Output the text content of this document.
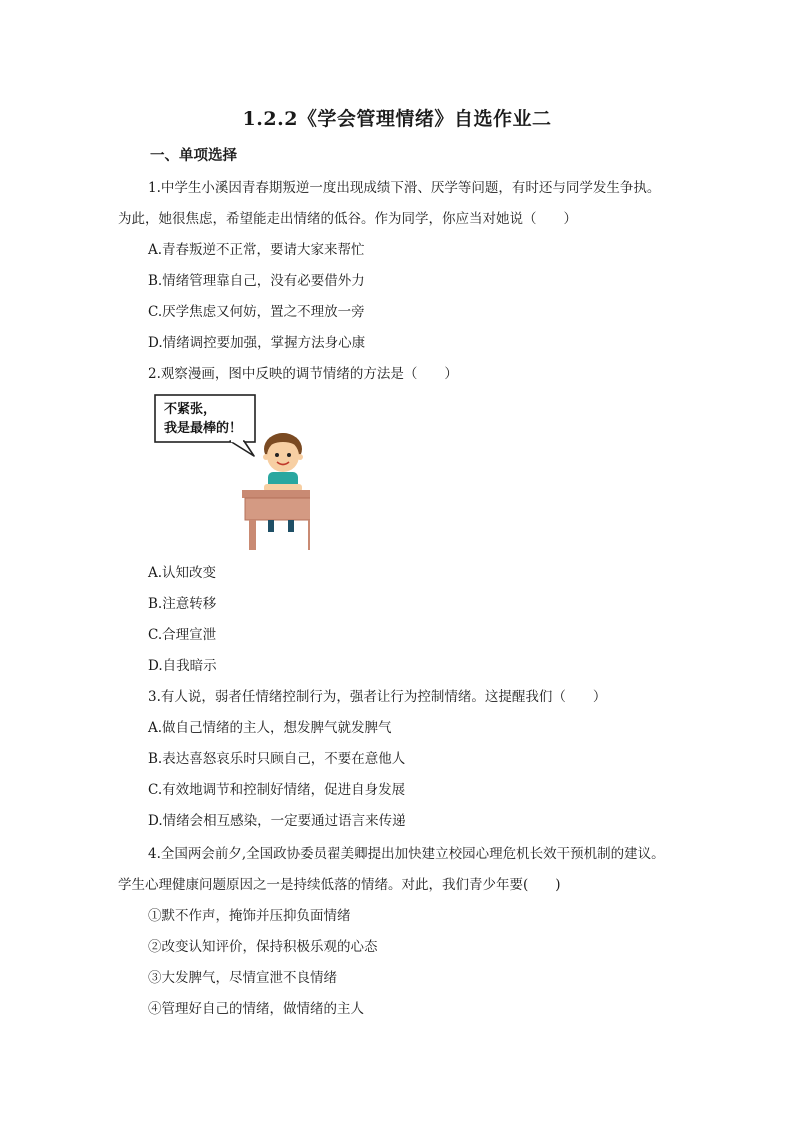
1.2.2《学会管理情绪》自选作业二
一、单项选择
1.中学生小溪因青春期叛逆一度出现成绩下滑、厌学等问题，有时还与同学发生争执。
为此，她很焦虑，希望能走出情绪的低谷。作为同学，你应当对她说（　　）
A.青春叛逆不正常，要请大家来帮忙
B.情绪管理靠自己，没有必要借外力
C.厌学焦虑又何妨，置之不理放一旁
D.情绪调控要加强，掌握方法身心康
2.观察漫画，图中反映的调节情绪的方法是（　　）
不紧张，
我是最棒的！
A.认知改变
B.注意转移
C.合理宣泄
D.自我暗示
3.有人说，弱者任情绪控制行为，强者让行为控制情绪。这提醒我们（　　）
A.做自己情绪的主人，想发脾气就发脾气
B.表达喜怒哀乐时只顾自己，不要在意他人
C.有效地调节和控制好情绪，促进自身发展
D.情绪会相互感染，一定要通过语言来传递
4.全国两会前夕,全国政协委员翟美卿提出加快建立校园心理危机长效干预机制的建议。
学生心理健康问题原因之一是持续低落的情绪。对此，我们青少年要(　　)
①默不作声，掩饰并压抑负面情绪
②改变认知评价，保持积极乐观的心态
③大发脾气，尽情宣泄不良情绪
④管理好自己的情绪，做情绪的主人
